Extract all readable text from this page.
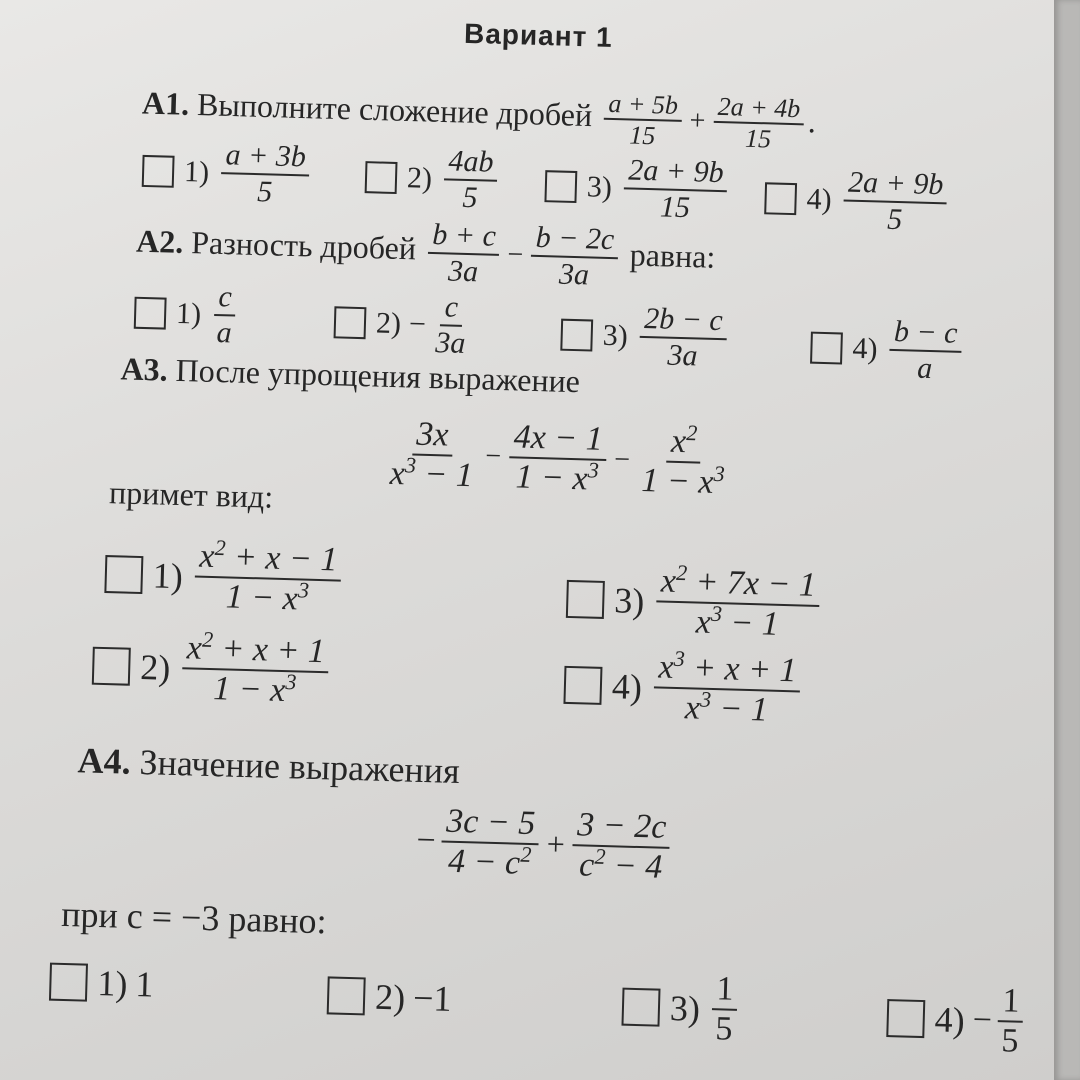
Вариант 1
А1. Выполните сложение дробей $\frac{a + 5b}{15} + \frac{2a + 4b}{15}$ .
$1) \frac{a + 3b}{5}$	$2) \frac{4ab}{5}$	$3) \frac{2a + 9b}{15}$	$4) \frac{2a + 9b}{5}$
А2. Разность дробей $\frac{b + c}{3a} - \frac{b - 2c}{3a}$ равна:
$1) \frac{c}{a}$	$2) - \frac{c}{3a}$	$3) \frac{2b - c}{3a}$	$4) \frac{b - c}{a}$
А3. После упрощения выражение
$\frac{3x}{x^3 - 1} - \frac{4x - 1}{1 - x^3} - \frac{x^2}{1 - x^3}$
примет вид:
$1) \frac{x^2 + x - 1}{1 - x^3}$	$3) \frac{x^2 + 7x - 1}{x^3 - 1}$
$2) \frac{x^2 + x + 1}{1 - x^3}$	$4) \frac{x^3 + x + 1}{x^3 - 1}$
А4. Значение выражения
− $\frac{3c - 5}{4 - c^2} + \frac{3 - 2c}{c^2 - 4}$
при c = −3 равно:
1) 1	2) −1	$3) \frac{1}{5}$	$4) - \frac{1}{5}$
